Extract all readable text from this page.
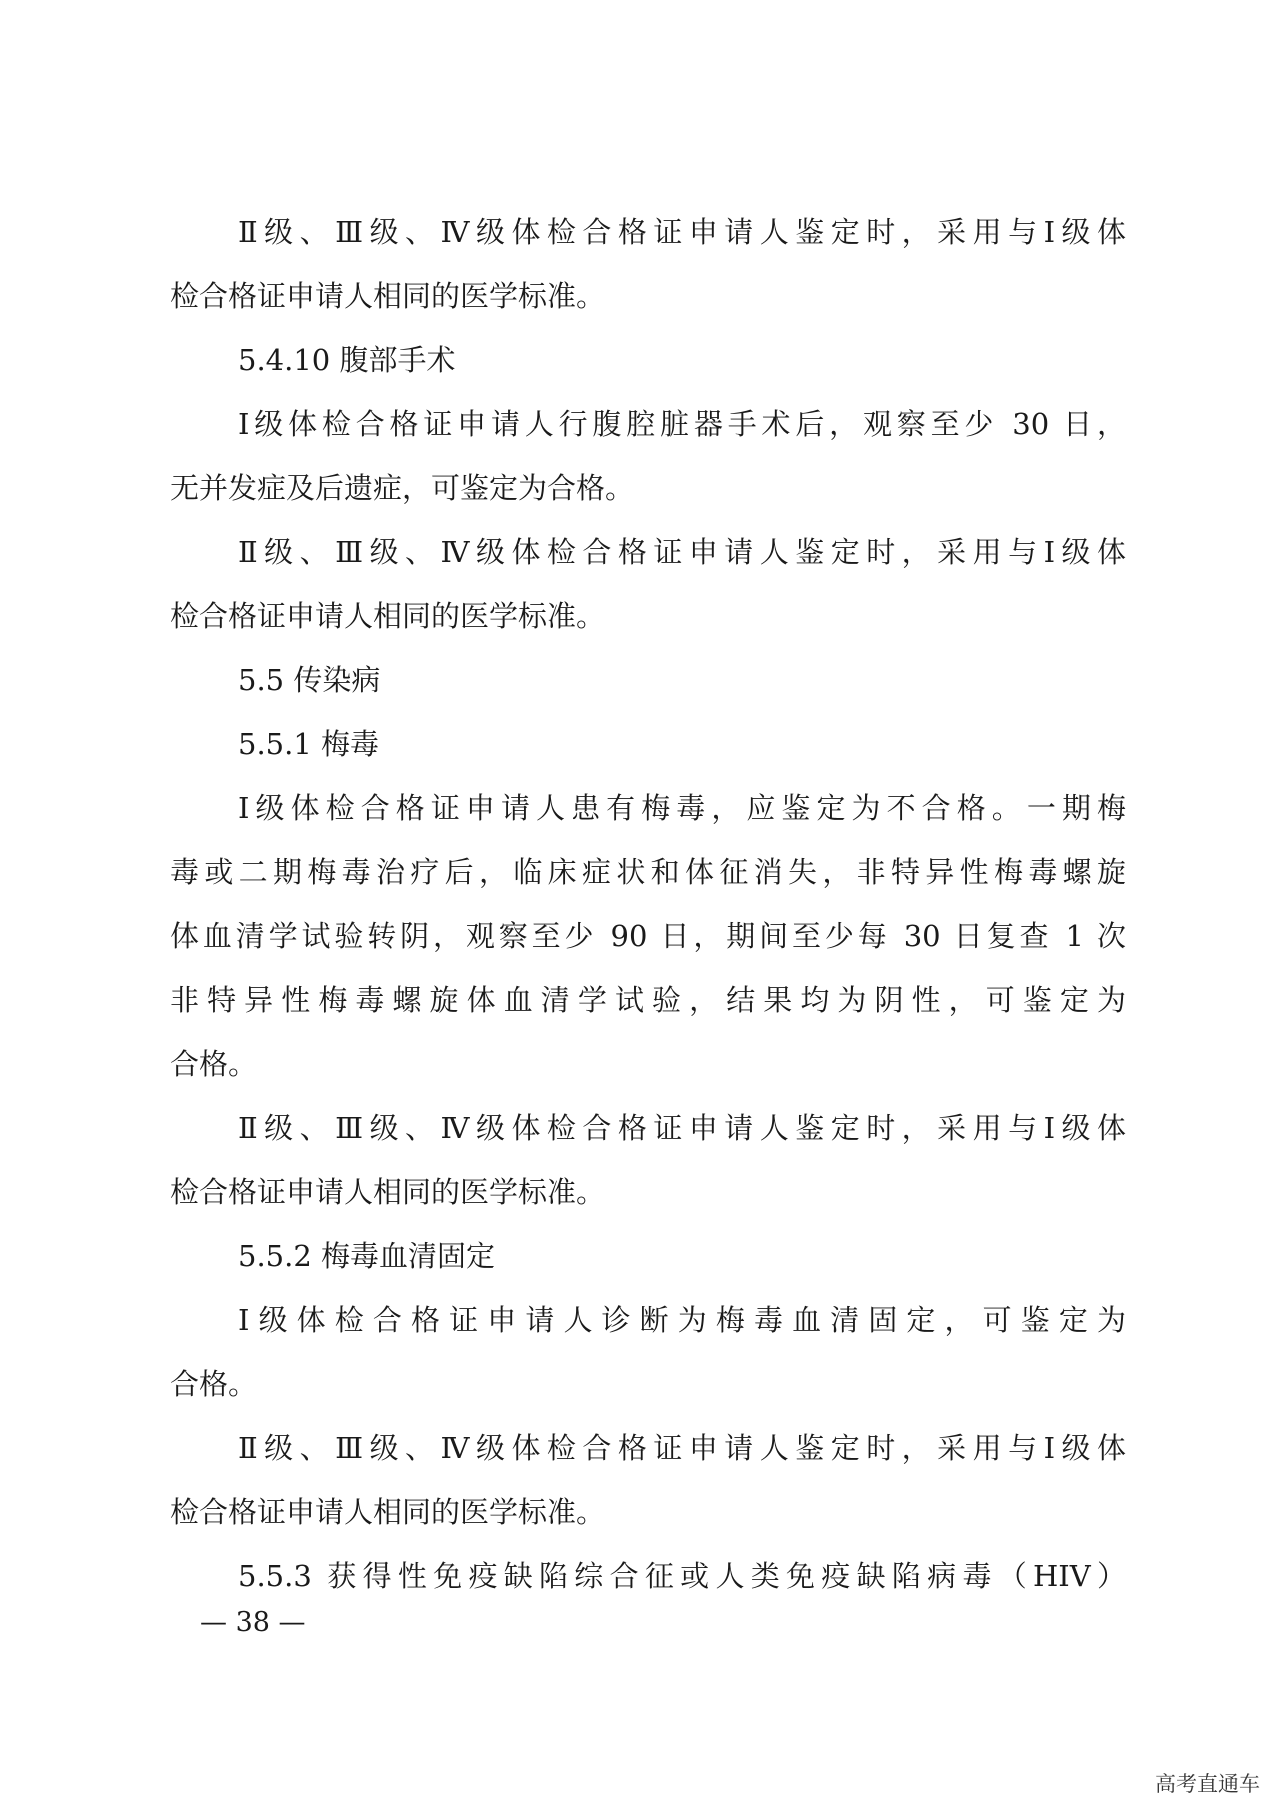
Ⅱ级、Ⅲ级、Ⅳ级体检合格证申请人鉴定时，采用与Ⅰ级体
检合格证申请人相同的医学标准。
5.4.10 腹部手术
Ⅰ级体检合格证申请人行腹腔脏器手术后，观察至少 30 日，
无并发症及后遗症，可鉴定为合格。
Ⅱ级、Ⅲ级、Ⅳ级体检合格证申请人鉴定时，采用与Ⅰ级体
检合格证申请人相同的医学标准。
5.5 传染病
5.5.1 梅毒
Ⅰ级体检合格证申请人患有梅毒，应鉴定为不合格。一期梅
毒或二期梅毒治疗后，临床症状和体征消失，非特异性梅毒螺旋
体血清学试验转阴，观察至少 90 日，期间至少每 30 日复查 1 次
非特异性梅毒螺旋体血清学试验，结果均为阴性，可鉴定为
合格。
Ⅱ级、Ⅲ级、Ⅳ级体检合格证申请人鉴定时，采用与Ⅰ级体
检合格证申请人相同的医学标准。
5.5.2 梅毒血清固定
Ⅰ级体检合格证申请人诊断为梅毒血清固定，可鉴定为
合格。
Ⅱ级、Ⅲ级、Ⅳ级体检合格证申请人鉴定时，采用与Ⅰ级体
检合格证申请人相同的医学标准。
5.5.3 获得性免疫缺陷综合征或人类免疫缺陷病毒（HIV）
— 38 —
高考直通车
